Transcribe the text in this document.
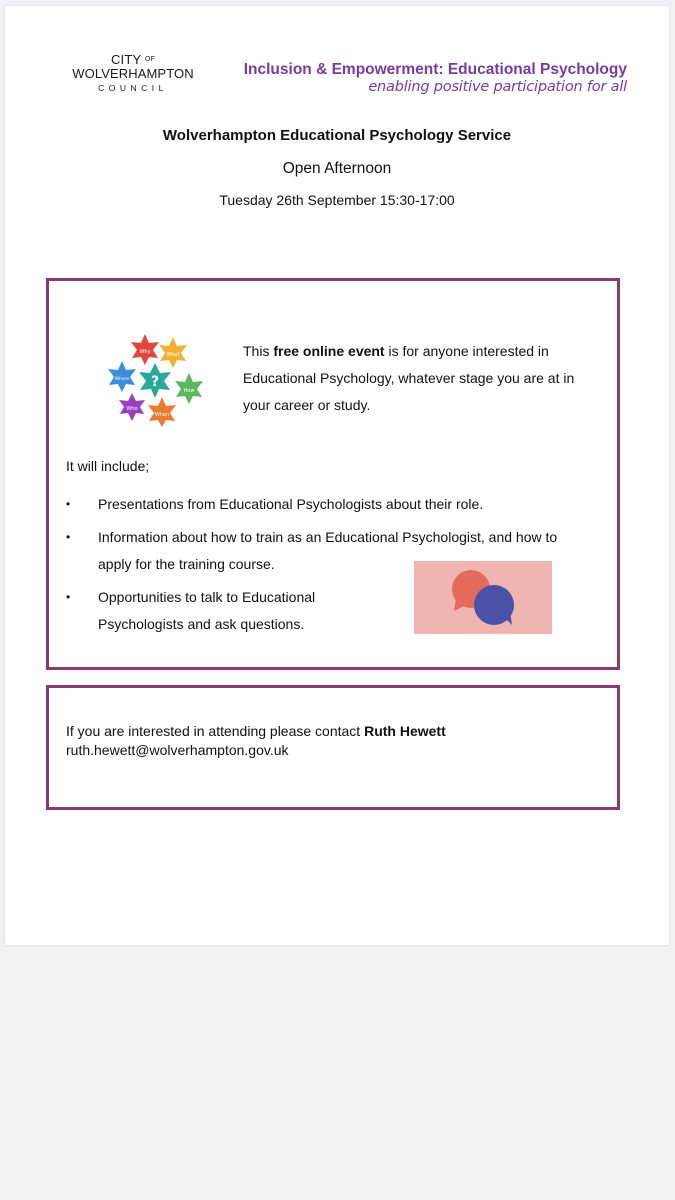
CITY $^{OF}$
WOLVERHAMPTON
COUNCIL
Inclusion & Empowerment: Educational Psychology
enabling positive participation for all
Wolverhampton Educational Psychology Service
Open Afternoon
Tuesday 26th September 15:30-17:00
Why	What
Where ?
How
Who
When
This free online event is for anyone interested in Educational Psychology, whatever stage you are at in your career or study.
It will include;
• Presentations from Educational Psychologists about their role.
• Information about how to train as an Educational Psychologist, and how to apply for the training course.
• Opportunities to talk to Educational Psychologists and ask questions.
If you are interested in attending please contact Ruth Hewett
ruth.hewett@wolverhampton.gov.uk
